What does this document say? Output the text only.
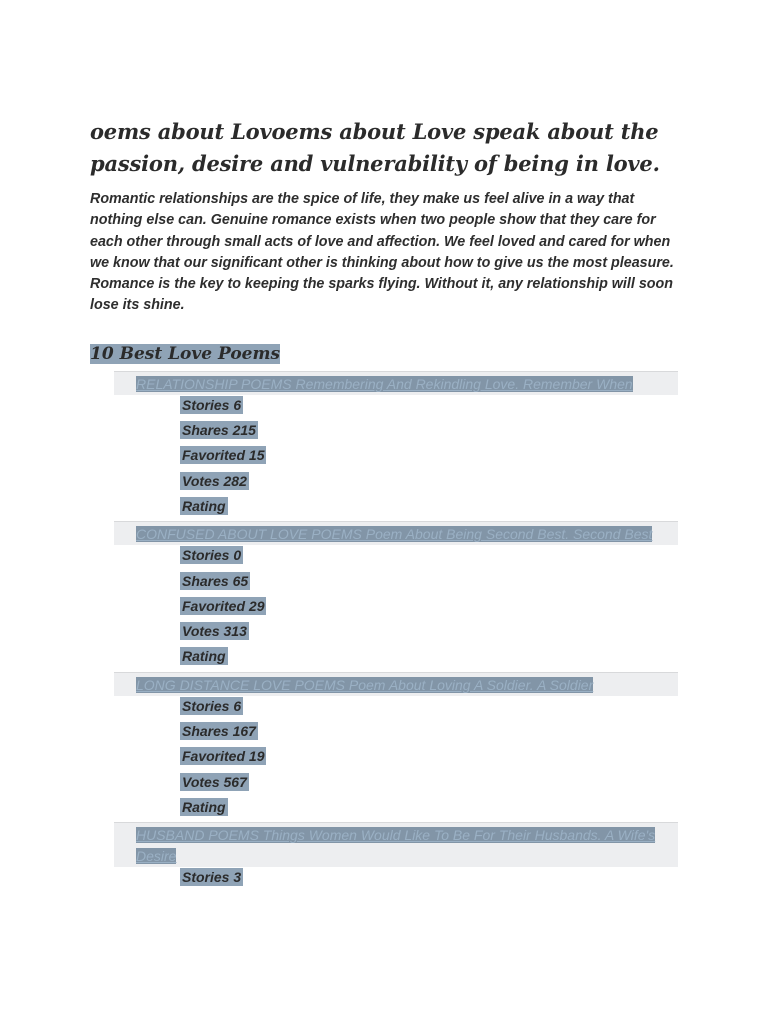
oems about Lovoems about Love speak about the passion, desire and vulnerability of being in love.

Romantic relationships are the spice of life, they make us feel alive in a way that nothing else can. Genuine romance exists when two people show that they care for each other through small acts of love and affection. We feel loved and cared for when we know that our significant other is thinking about how to give us the most pleasure. Romance is the key to keeping the sparks flying. Without it, any relationship will soon lose its shine.

10 Best Love Poems
RELATIONSHIP POEMS Remembering And Rekindling Love. Remember When
Stories 6
Shares 215
Favorited 15
Votes 282
Rating
CONFUSED ABOUT LOVE POEMS Poem About Being Second Best. Second Best
Stories 0
Shares 65
Favorited 29
Votes 313
Rating
LONG DISTANCE LOVE POEMS Poem About Loving A Soldier. A Soldier
Stories 6
Shares 167
Favorited 19
Votes 567
Rating
HUSBAND POEMS Things Women Would Like To Be For Their Husbands. A Wife's Desire
Stories 3
